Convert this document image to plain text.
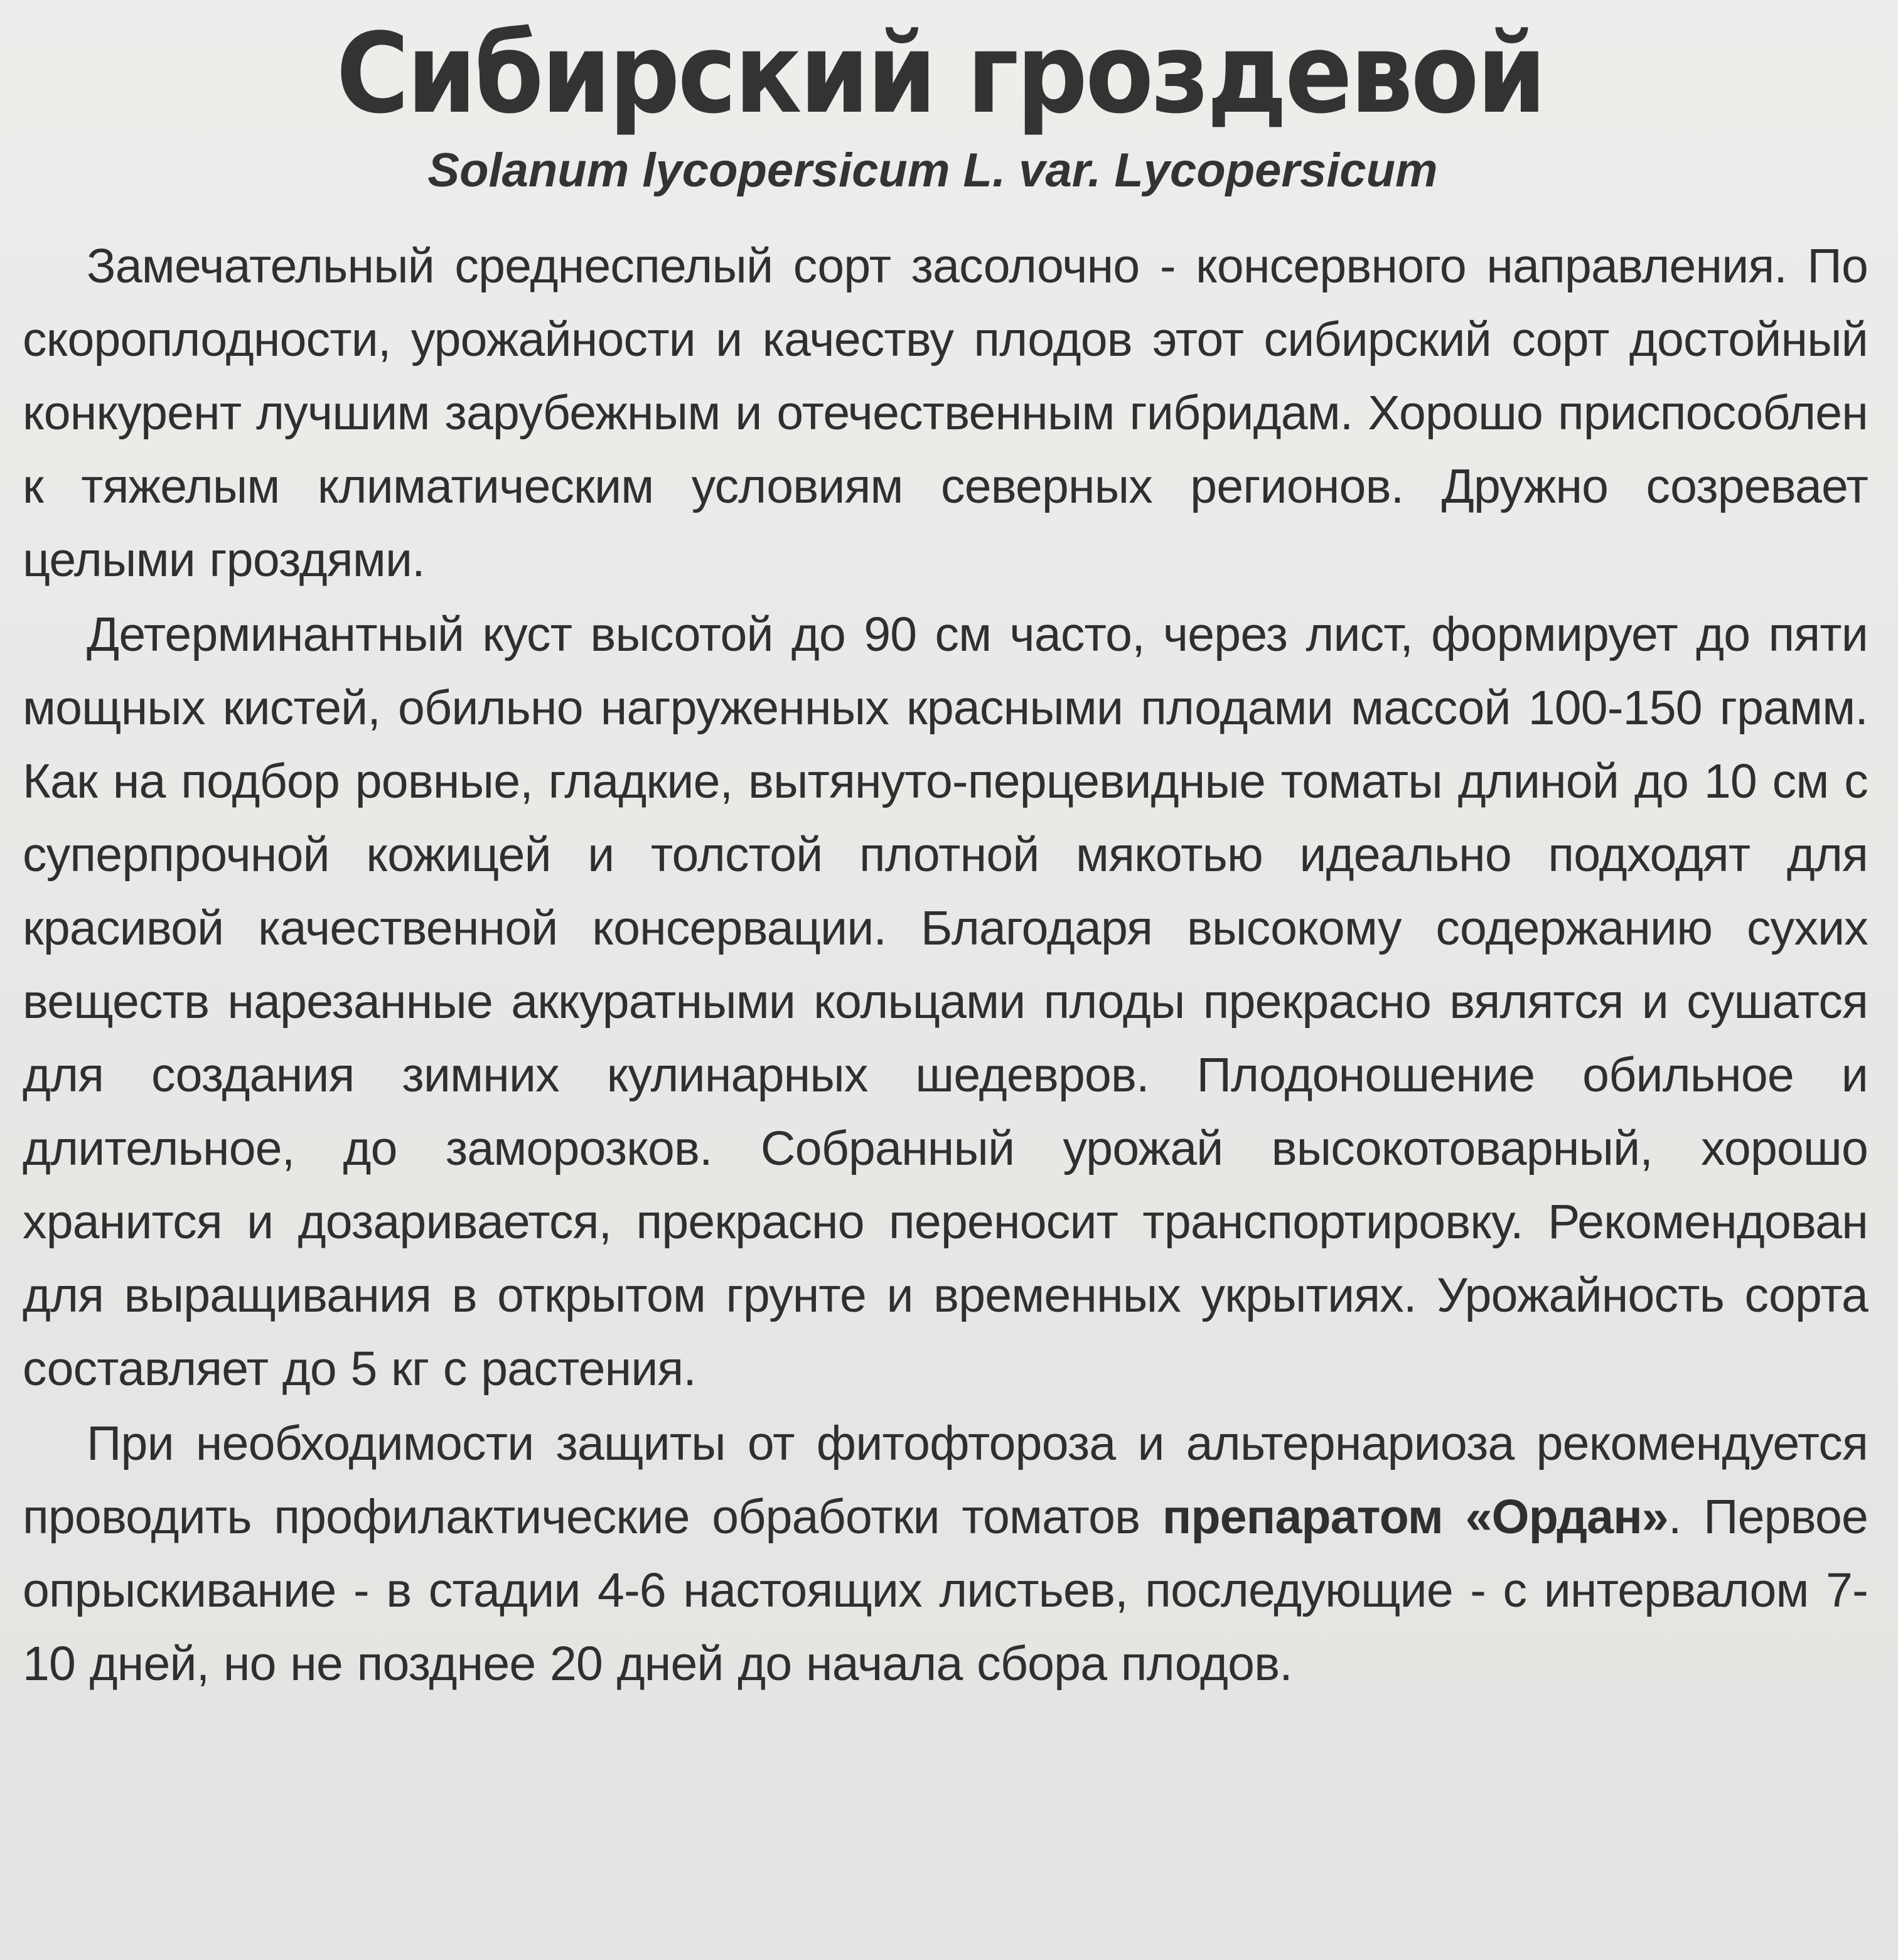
Сибирский гроздевой
Solanum lycopersicum L. var. Lycopersicum

Замечательный среднеспелый сорт засолочно - консервного направления. По скороплодности, урожайности и качеству плодов этот сибирский сорт достойный конкурент лучшим зарубежным и отечественным гибридам. Хорошо приспособлен к тяжелым климатическим условиям северных регионов. Дружно созревает целыми гроздями.

Детерминантный куст высотой до 90 см часто, через лист, формирует до пяти мощных кистей, обильно нагруженных красными плодами массой 100-150 грамм. Как на подбор ровные, гладкие, вытянуто-перцевидные томаты длиной до 10 см с суперпрочной кожицей и толстой плотной мякотью идеально подходят для красивой качественной консервации. Благодаря высокому содержанию сухих веществ нарезанные аккуратными кольцами плоды прекрасно вялятся и сушатся для создания зимних кулинарных шедевров. Плодоношение обильное и длительное, до заморозков. Собранный урожай высокотоварный, хорошо хранится и дозаривается, прекрасно переносит транспортировку. Рекомендован для выращивания в открытом грунте и временных укрытиях. Урожайность сорта составляет до 5 кг с растения.

При необходимости защиты от фитофтороза и альтернариоза рекомендуется проводить профилактические обработки томатов препаратом «Ордан». Первое опрыскивание - в стадии 4-6 настоящих листьев, последующие - с интервалом 7-10 дней, но не позднее 20 дней до начала сбора плодов.
